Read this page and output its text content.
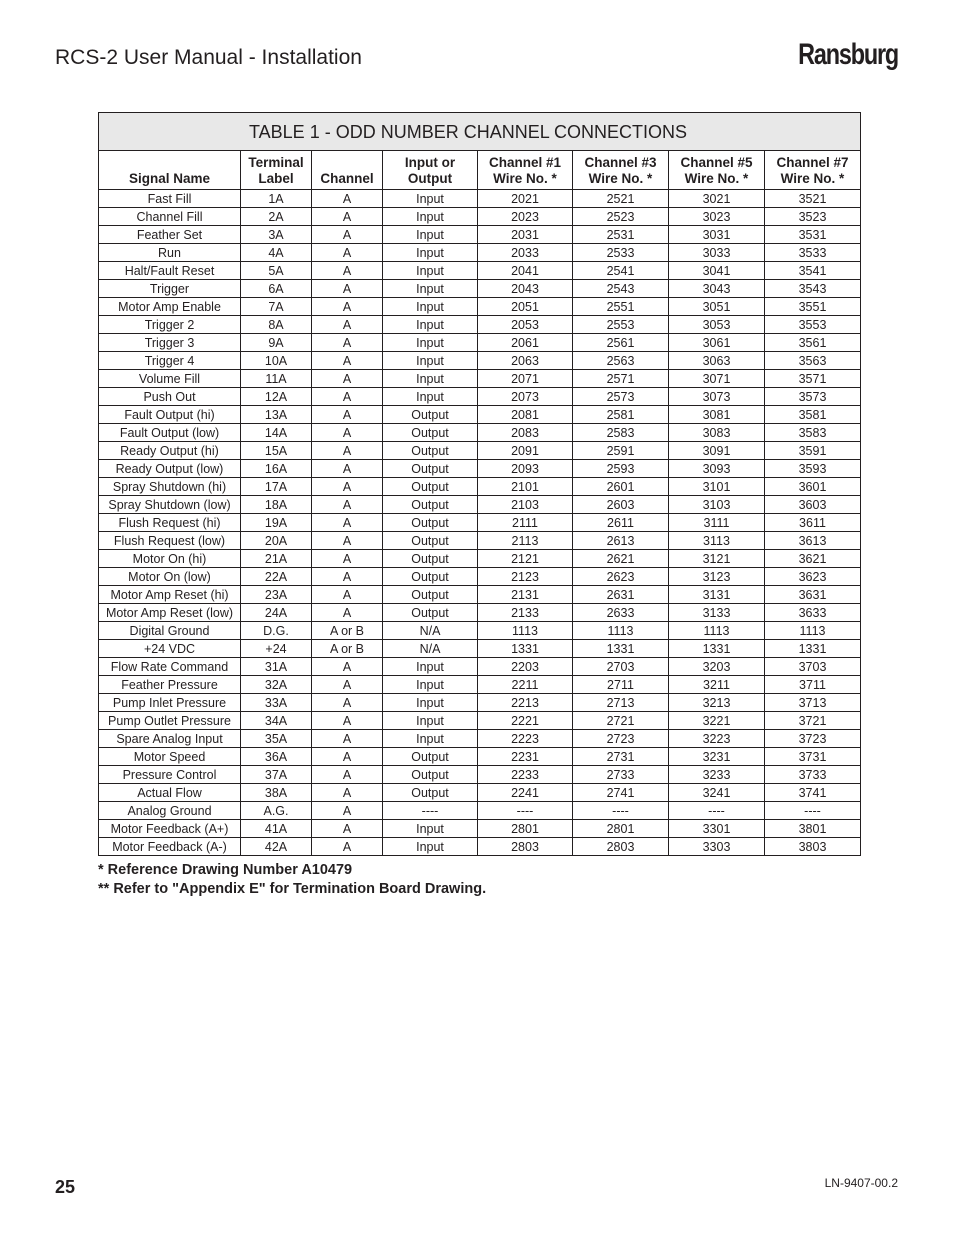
RCS-2 User Manual - Installation	Ransburg
TABLE 1 - ODD NUMBER CHANNEL CONNECTIONS
Signal Name	Terminal Label	Channel	Input or Output	Channel #1 Wire No. *	Channel #3 Wire No. *	Channel #5 Wire No. *	Channel #7 Wire No. *
Fast Fill	1A	A	Input	2021	2521	3021	3521
Channel Fill	2A	A	Input	2023	2523	3023	3523
Feather Set	3A	A	Input	2031	2531	3031	3531
Run	4A	A	Input	2033	2533	3033	3533
Halt/Fault Reset	5A	A	Input	2041	2541	3041	3541
Trigger	6A	A	Input	2043	2543	3043	3543
Motor Amp Enable	7A	A	Input	2051	2551	3051	3551
Trigger 2	8A	A	Input	2053	2553	3053	3553
Trigger 3	9A	A	Input	2061	2561	3061	3561
Trigger 4	10A	A	Input	2063	2563	3063	3563
Volume Fill	11A	A	Input	2071	2571	3071	3571
Push Out	12A	A	Input	2073	2573	3073	3573
Fault Output (hi)	13A	A	Output	2081	2581	3081	3581
Fault Output (low)	14A	A	Output	2083	2583	3083	3583
Ready Output (hi)	15A	A	Output	2091	2591	3091	3591
Ready Output (low)	16A	A	Output	2093	2593	3093	3593
Spray Shutdown (hi)	17A	A	Output	2101	2601	3101	3601
Spray Shutdown (low)	18A	A	Output	2103	2603	3103	3603
Flush Request (hi)	19A	A	Output	2111	2611	3111	3611
Flush Request (low)	20A	A	Output	2113	2613	3113	3613
Motor On (hi)	21A	A	Output	2121	2621	3121	3621
Motor On (low)	22A	A	Output	2123	2623	3123	3623
Motor Amp Reset (hi)	23A	A	Output	2131	2631	3131	3631
Motor Amp Reset (low)	24A	A	Output	2133	2633	3133	3633
Digital Ground	D.G.	A or B	N/A	1113	1113	1113	1113
+24 VDC	+24	A or B	N/A	1331	1331	1331	1331
Flow Rate Command	31A	A	Input	2203	2703	3203	3703
Feather Pressure	32A	A	Input	2211	2711	3211	3711
Pump Inlet Pressure	33A	A	Input	2213	2713	3213	3713
Pump Outlet Pressure	34A	A	Input	2221	2721	3221	3721
Spare Analog Input	35A	A	Input	2223	2723	3223	3723
Motor Speed	36A	A	Output	2231	2731	3231	3731
Pressure Control	37A	A	Output	2233	2733	3233	3733
Actual Flow	38A	A	Output	2241	2741	3241	3741
Analog Ground	A.G.	A	----	----	----	----	----
Motor Feedback (A+)	41A	A	Input	2801	2801	3301	3801
Motor Feedback (A-)	42A	A	Input	2803	2803	3303	3803
* Reference Drawing Number A10479
** Refer to "Appendix E" for Termination Board Drawing.
25	LN-9407-00.2
